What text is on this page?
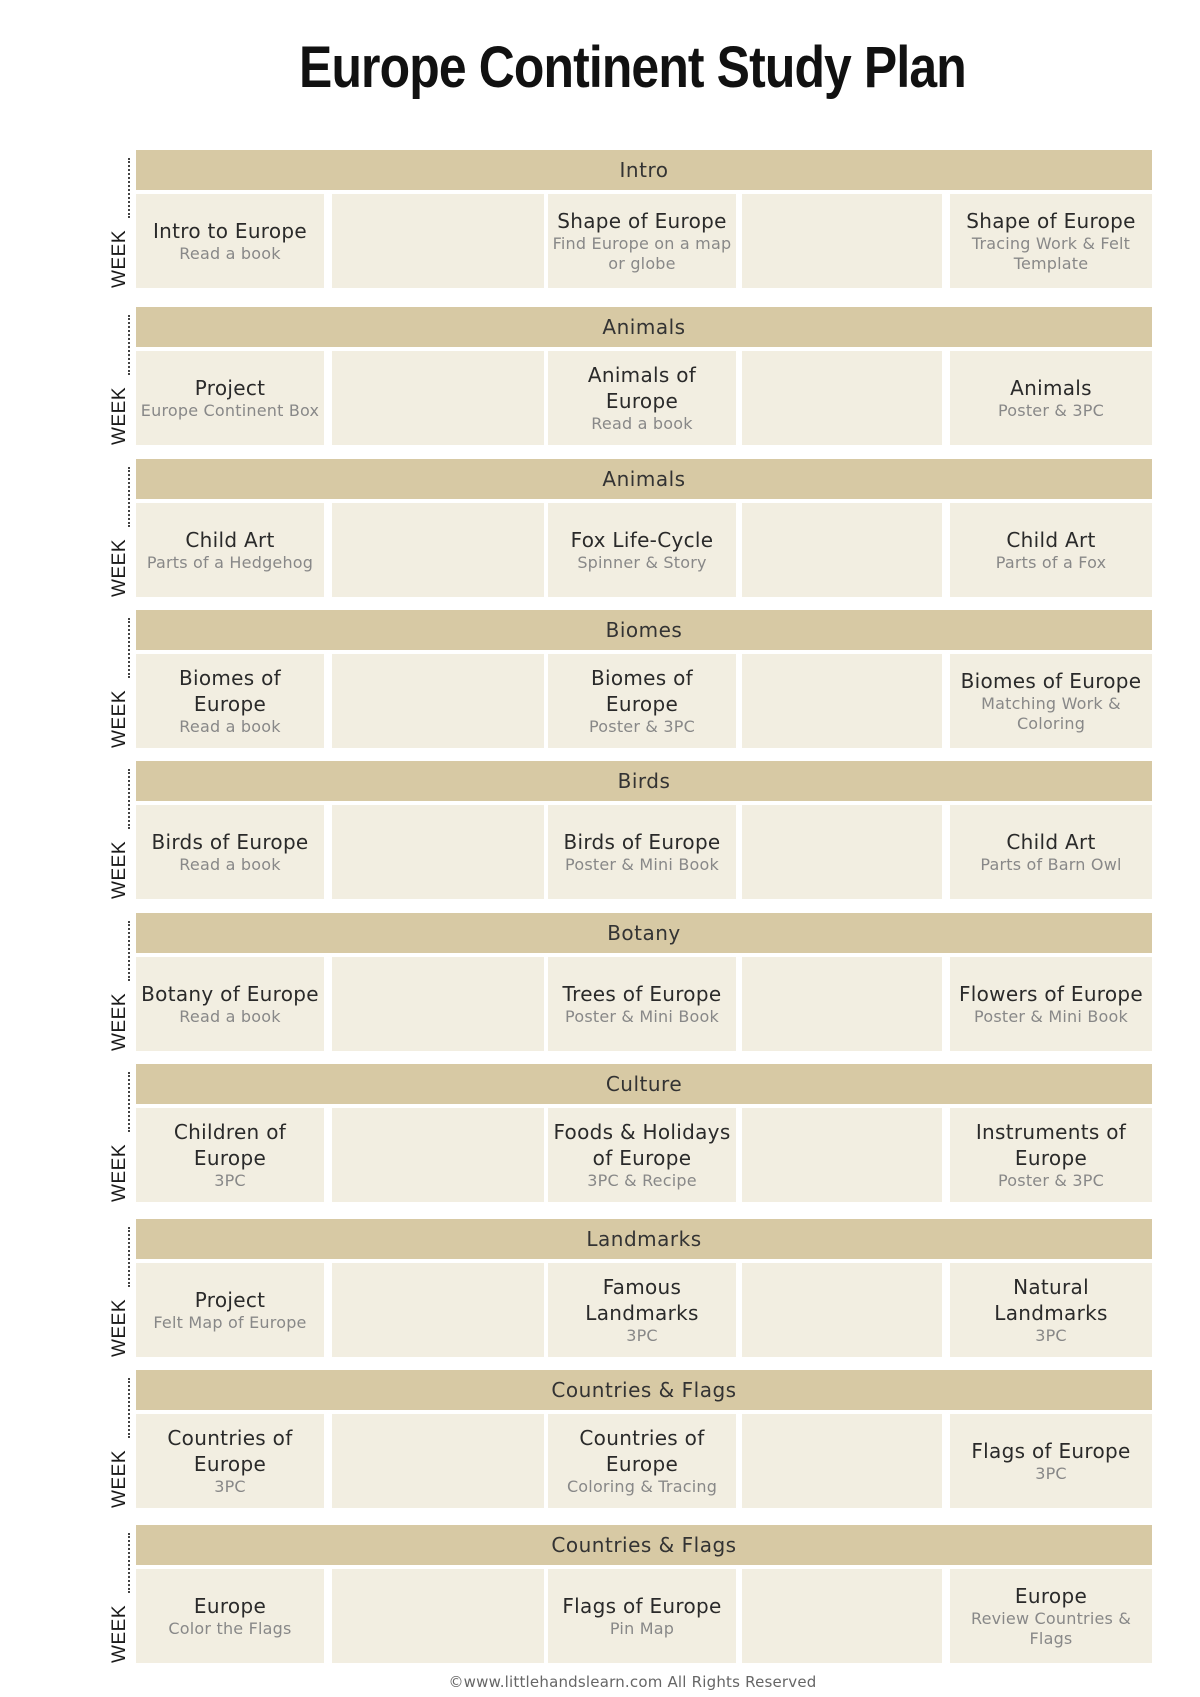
Europe Continent Study Plan
WEEK
Intro
Intro to Europe
Read a book
Shape of Europe
Find Europe on a map or globe
Shape of Europe
Tracing Work & Felt Template
WEEK
Animals
Project
Europe Continent Box
Animals of Europe
Read a book
Animals
Poster & 3PC
WEEK
Animals
Child Art
Parts of a Hedgehog
Fox Life-Cycle
Spinner & Story
Child Art
Parts of a Fox
WEEK
Biomes
Biomes of Europe
Read a book
Biomes of Europe
Poster & 3PC
Biomes of Europe
Matching Work & Coloring
WEEK
Birds
Birds of Europe
Read a book
Birds of Europe
Poster & Mini Book
Child Art
Parts of Barn Owl
WEEK
Botany
Botany of Europe
Read a book
Trees of Europe
Poster & Mini Book
Flowers of Europe
Poster & Mini Book
WEEK
Culture
Children of Europe
3PC
Foods & Holidays of Europe
3PC & Recipe
Instruments of Europe
Poster & 3PC
WEEK
Landmarks
Project
Felt Map of Europe
Famous Landmarks
3PC
Natural Landmarks
3PC
WEEK
Countries & Flags
Countries of Europe
3PC
Countries of Europe
Coloring & Tracing
Flags of Europe
3PC
WEEK
Countries & Flags
Europe
Color the Flags
Flags of Europe
Pin Map
Europe
Review Countries & Flags
©www.littlehandslearn.com All Rights Reserved
